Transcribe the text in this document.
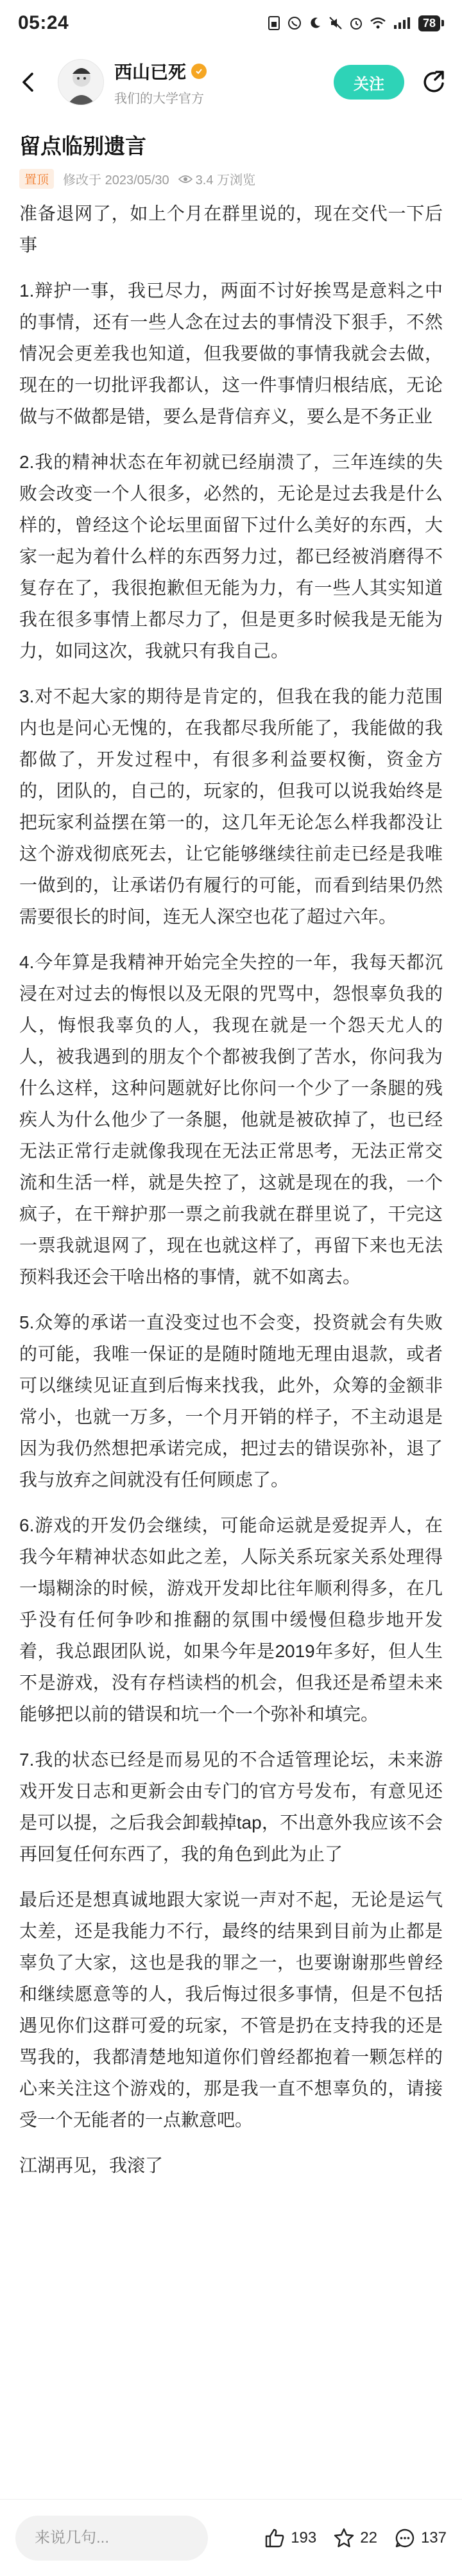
05:24	78
西山已死
我们的大学官方
关注
留点临别遗言
置顶	修改于 2023/05/30 3.4 万浏览

准备退网了，如上个月在群里说的，现在交代一下后事

1.辩护一事，我已尽力，两面不讨好挨骂是意料之中的事情，还有一些人念在过去的事情没下狠手，不然情况会更差我也知道，但我要做的事情我就会去做，现在的一切批评我都认，这一件事情归根结底，无论做与不做都是错，要么是背信弃义，要么是不务正业

2.我的精神状态在年初就已经崩溃了，三年连续的失败会改变一个人很多，必然的，无论是过去我是什么样的，曾经这个论坛里面留下过什么美好的东西，大家一起为着什么样的东西努力过，都已经被消磨得不复存在了，我很抱歉但无能为力，有一些人其实知道我在很多事情上都尽力了，但是更多时候我是无能为力，如同这次，我就只有我自己。

3.对不起大家的期待是肯定的，但我在我的能力范围内也是问心无愧的，在我都尽我所能了，我能做的我都做了，开发过程中，有很多利益要权衡，资金方的，团队的，自己的，玩家的，但我可以说我始终是把玩家利益摆在第一的，这几年无论怎么样我都没让这个游戏彻底死去，让它能够继续往前走已经是我唯一做到的，让承诺仍有履行的可能，而看到结果仍然需要很长的时间，连无人深空也花了超过六年。

4.今年算是我精神开始完全失控的一年，我每天都沉浸在对过去的悔恨以及无限的咒骂中，怨恨辜负我的人，悔恨我辜负的人，我现在就是一个怨天尤人的人，被我遇到的朋友个个都被我倒了苦水，你问我为什么这样，这种问题就好比你问一个少了一条腿的残疾人为什么他少了一条腿，他就是被砍掉了，也已经无法正常行走就像我现在无法正常思考，无法正常交流和生活一样，就是失控了，这就是现在的我，一个疯子，在干辩护那一票之前我就在群里说了，干完这一票我就退网了，现在也就这样了，再留下来也无法预料我还会干啥出格的事情，就不如离去。

5.众筹的承诺一直没变过也不会变，投资就会有失败的可能，我唯一保证的是随时随地无理由退款，或者可以继续见证直到后悔来找我，此外，众筹的金额非常小，也就一万多，一个月开销的样子，不主动退是因为我仍然想把承诺完成，把过去的错误弥补，退了我与放弃之间就没有任何顾虑了。

6.游戏的开发仍会继续，可能命运就是爱捉弄人，在我今年精神状态如此之差，人际关系玩家关系处理得一塌糊涂的时候，游戏开发却比往年顺利得多，在几乎没有任何争吵和推翻的氛围中缓慢但稳步地开发着，我总跟团队说，如果今年是2019年多好，但人生不是游戏，没有存档读档的机会，但我还是希望未来能够把以前的错误和坑一个一个弥补和填完。

7.我的状态已经是而易见的不合适管理论坛，未来游戏开发日志和更新会由专门的官方号发布，有意见还是可以提，之后我会卸载掉tap，不出意外我应该不会再回复任何东西了，我的角色到此为止了

最后还是想真诚地跟大家说一声对不起，无论是运气太差，还是我能力不行，最终的结果到目前为止都是辜负了大家，这也是我的罪之一，也要谢谢那些曾经和继续愿意等的人，我后悔过很多事情，但是不包括遇见你们这群可爱的玩家，不管是扔在支持我的还是骂我的，我都清楚地知道你们曾经都抱着一颗怎样的心来关注这个游戏的，那是我一直不想辜负的，请接受一个无能者的一点歉意吧。

江湖再见，我滚了

来说几句...
193	22	137
